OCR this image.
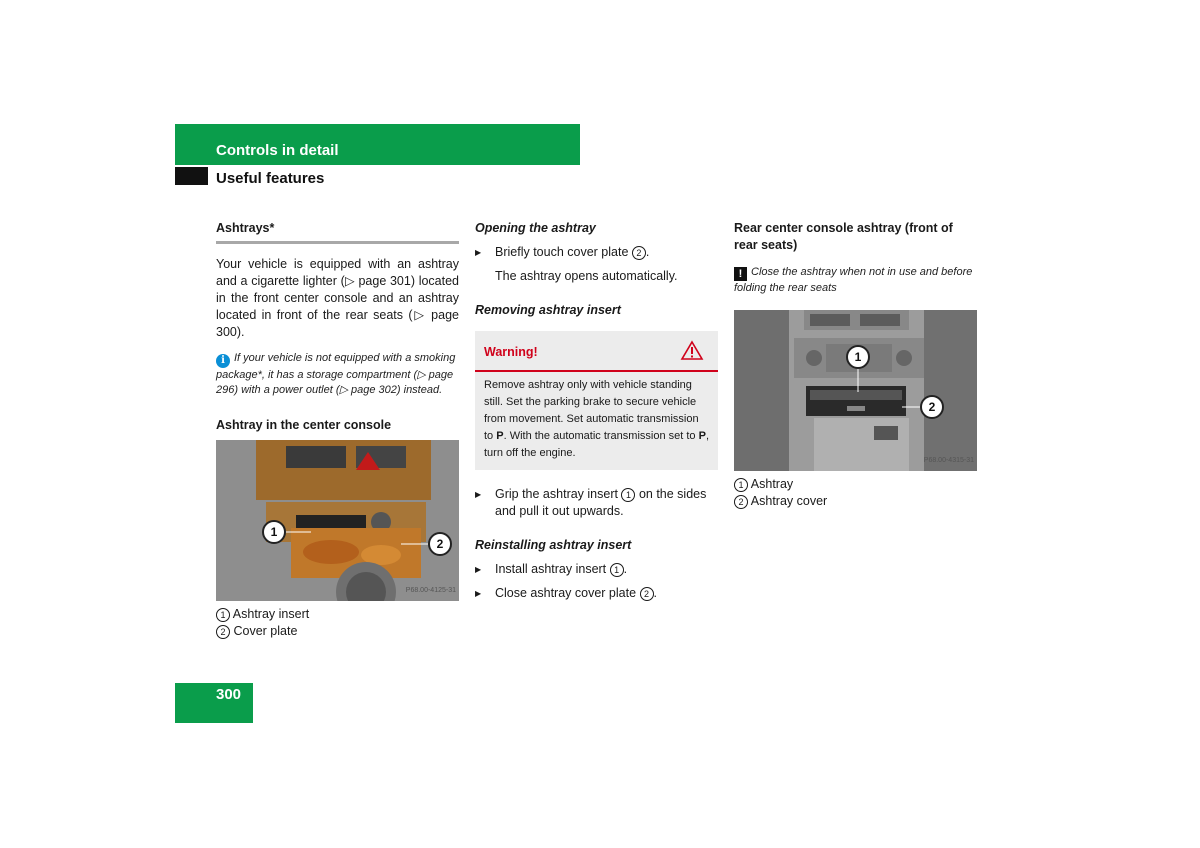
Controls in detail
Useful features
Ashtrays*

Your vehicle is equipped with an ashtray and a cigarette lighter (▷ page 301) located in the front center console and an ashtray located in front of the rear seats (▷ page 300).

i If your vehicle is not equipped with a smoking package*, it has a storage compartment (▷ page 296) with a power outlet (▷ page 302) instead.
Ashtray in the center console
1
2
P68.00-4125-31

1 Ashtray insert

2 Cover plate

Opening the ashtray

▶ Briefly touch cover plate 2 .

The ashtray opens automatically.

Removing ashtray insert
Warning!
Remove ashtray only with vehicle standing still. Set the parking brake to secure vehicle from movement. Set automatic transmission to P. With the automatic transmission set to P, turn off the engine.

▶ Grip the ashtray insert 1 on the sides and pull it out upwards.

Reinstalling ashtray insert

▶ Install ashtray insert 1 .

▶ Close ashtray cover plate 2 .

Rear center console ashtray (front of rear seats)
! Close the ashtray when not in use and before folding the rear seats
1
2
P68.00-4315-31

1 Ashtray

2 Ashtray cover

300
